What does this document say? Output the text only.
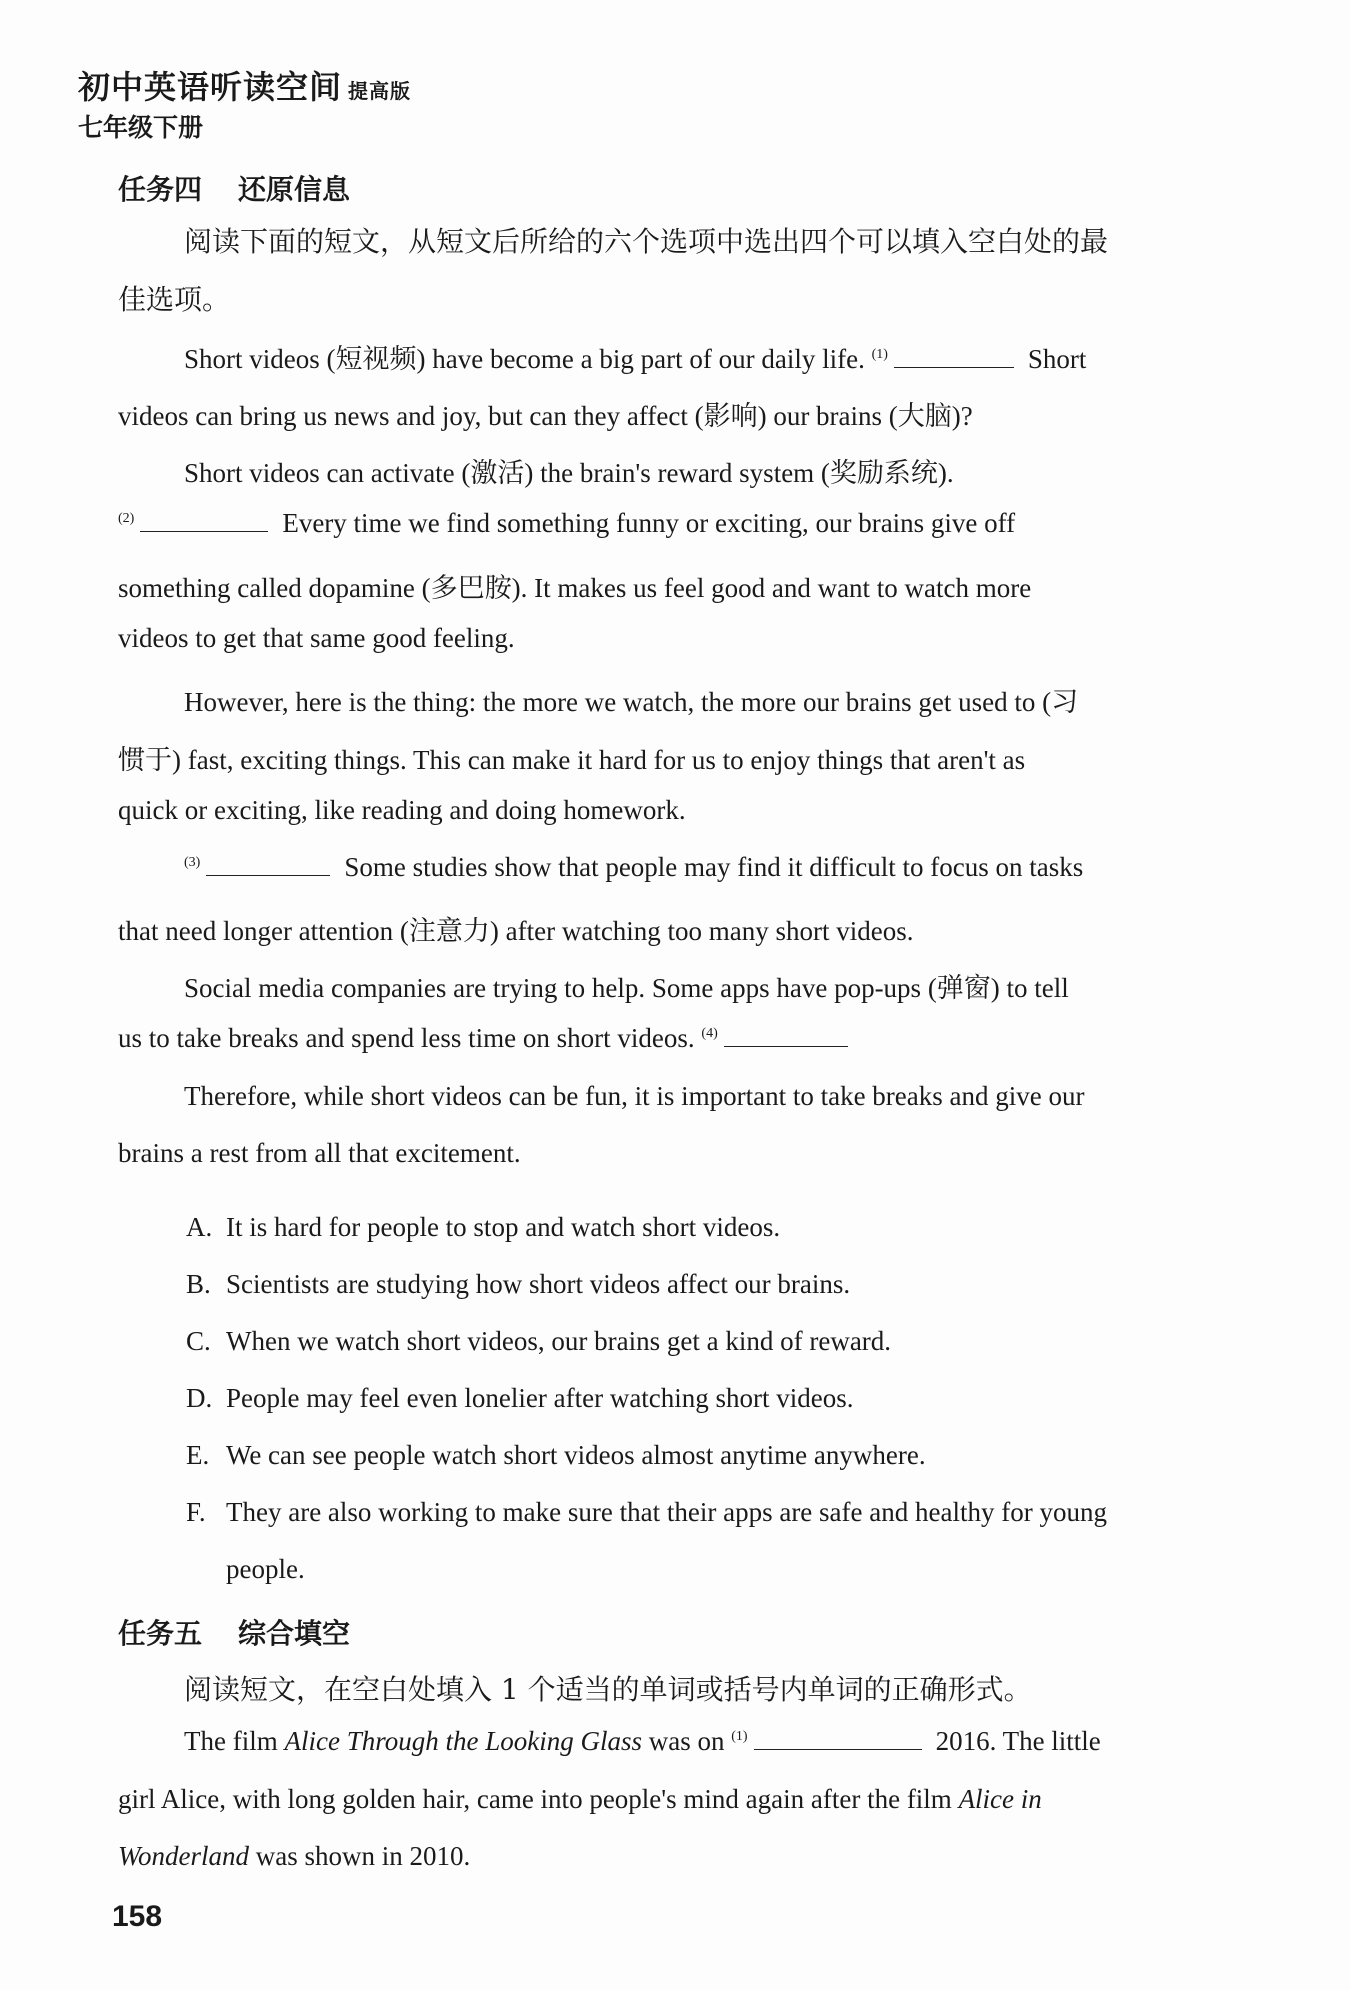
初中英语听读空间 提高版
七年级下册
任务四 还原信息
阅读下面的短文，从短文后所给的六个选项中选出四个可以填入空白处的最
佳选项。
Short videos (短视频) have become a big part of our daily life. $^{(1)}$	Short
videos can bring us news and joy, but can they affect (影响) our brains (大脑)?
Short videos can activate (激活) the brain's reward system (奖励系统).
$^{(2)}$	Every time we find something funny or exciting, our brains give off
something called dopamine (多巴胺). It makes us feel good and want to watch more
videos to get that same good feeling.
However, here is the thing: the more we watch, the more our brains get used to (习
惯于) fast, exciting things. This can make it hard for us to enjoy things that aren't as
quick or exciting, like reading and doing homework.
$^{(3)}$	Some studies show that people may find it difficult to focus on tasks
that need longer attention (注意力) after watching too many short videos.
Social media companies are trying to help. Some apps have pop-ups (弹窗) to tell
us to take breaks and spend less time on short videos. $^{(4)}$
Therefore, while short videos can be fun, it is important to take breaks and give our
brains a rest from all that excitement.
A. It is hard for people to stop and watch short videos.
B. Scientists are studying how short videos affect our brains.
C. When we watch short videos, our brains get a kind of reward.
D. People may feel even lonelier after watching short videos.
E. We can see people watch short videos almost anytime anywhere.
F. They are also working to make sure that their apps are safe and healthy for young
people.
任务五 综合填空
阅读短文，在空白处填入 1 个适当的单词或括号内单词的正确形式。
The film Alice Through the Looking Glass was on $^{(1)}$	2016. The little
girl Alice, with long golden hair, came into people's mind again after the film Alice in
Wonderland was shown in 2010.
158
